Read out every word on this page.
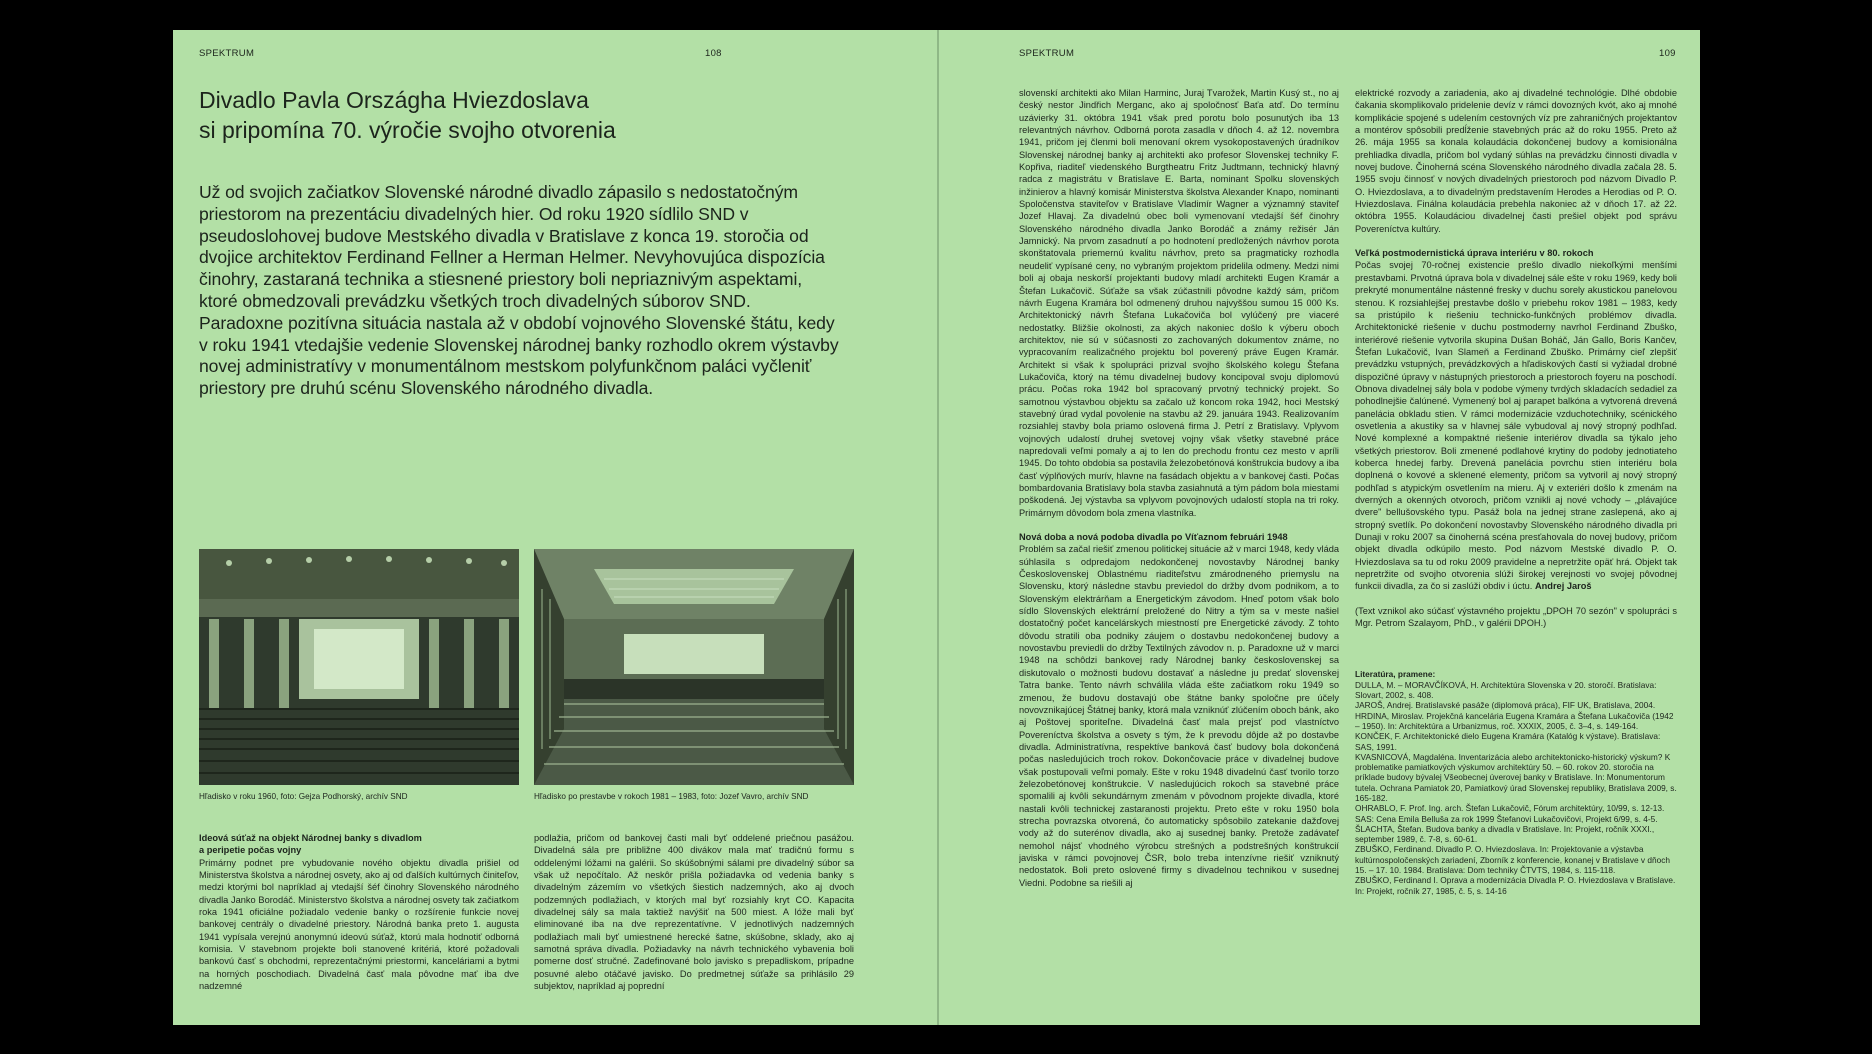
SPEKTRUM	108
Divadlo Pavla Országha Hviezdoslava
si pripomína 70. výročie svojho otvorenia

Už od svojich začiatkov Slovenské národné divadlo zápasilo s nedostatočným priestorom na prezentáciu divadelných hier. Od roku 1920 sídlilo SND v pseudoslohovej budove Mestského divadla v Bratislave z konca 19. storočia od dvojice architektov Ferdinand Fellner a Herman Helmer. Nevyhovujúca dispozícia činohry, zastaraná technika a stiesnené priestory boli nepriaznivým aspektami, ktoré obmedzovali prevádzku všetkých troch divadelných súborov SND. Paradoxne pozitívna situácia nastala až v období vojnového Slovenské štátu, kedy v roku 1941 vtedajšie vedenie Slovenskej národnej banky rozhodlo okrem výstavby novej administratívy v monumentálnom mestskom polyfunkčnom paláci vyčleniť priestory pre druhú scénu Slovenského národného divadla.

Hľadisko v roku 1960, foto: Gejza Podhorský, archív SND	Hľadisko po prestavbe v rokoch 1981 – 1983, foto: Jozef Vavro, archív SND
Ideová súťaž na objekt Národnej banky s divadlom
a peripetie počas vojny

Primárny podnet pre vybudovanie nového objektu divadla prišiel od Ministerstva školstva a národnej osvety, ako aj od ďalších kultúrnych činiteľov, medzi ktorými bol napríklad aj vtedajší šéf činohry Slovenského národného divadla Janko Borodáč. Ministerstvo školstva a národnej osvety tak začiatkom roka 1941 oficiálne požiadalo vedenie banky o rozšírenie funkcie novej bankovej centrály o divadelné priestory. Národná banka preto 1. augusta 1941 vypísala verejnú anonymnú ideovú súťaž, ktorú mala hodnotiť odborná komisia. V stavebnom projekte boli stanovené kritériá, ktoré požadovali bankovú časť s obchodmi, reprezentačnými priestormi, kanceláriami a bytmi na horných poschodiach. Divadelná časť mala pôvodne mať iba dve nadzemné

podlažia, pričom od bankovej časti mali byť oddelené priečnou pasážou. Divadelná sála pre približne 400 divákov mala mať tradičnú formu s oddelenými lóžami na galérii. So skúšobnými sálami pre divadelný súbor sa však už nepočítalo. Až neskôr prišla požiadavka od vedenia banky s divadelným zázemím vo všetkých šiestich nadzemných, ako aj dvoch podzemných podlažiach, v ktorých mal byť rozsiahly kryt CO. Kapacita divadelnej sály sa mala taktiež navýšiť na 500 miest. A lóže mali byť eliminované iba na dve reprezentatívne. V jednotlivých nadzemných podlažiach mali byť umiestnené herecké šatne, skúšobne, sklady, ako aj samotná správa divadla. Požiadavky na návrh technického vybavenia boli pomerne dosť stručné. Zadefinované bolo javisko s prepadliskom, prípadne posuvné alebo otáčavé javisko. Do predmetnej súťaže sa prihlásilo 29 subjektov, napríklad aj poprední

SPEKTRUM	109

slovenskí architekti ako Milan Harminc, Juraj Tvarožek, Martin Kusý st., no aj český nestor Jindřich Merganc, ako aj spoločnosť Baťa atď. Do termínu uzávierky 31. októbra 1941 však pred porotu bolo posunutých iba 13 relevantných návrhov. Odborná porota zasadla v dňoch 4. až 12. novembra 1941, pričom jej členmi boli menovaní okrem vysokopostavených úradníkov Slovenskej národnej banky aj architekti ako profesor Slovenskej techniky F. Kopřiva, riaditeľ viedenského Burgtheatru Fritz Judtmann, technický hlavný radca z magistrátu v Bratislave E. Barta, nominant Spolku slovenských inžinierov a hlavný komisár Ministerstva školstva Alexander Knapo, nominanti Spoločenstva staviteľov v Bratislave Vladimír Wagner a významný staviteľ Jozef Hlavaj. Za divadelnú obec boli vymenovaní vtedajší šéf činohry Slovenského národného divadla Janko Borodáč a známy režisér Ján Jamnický. Na prvom zasadnutí a po hodnotení predložených návrhov porota skonštatovala priemernú kvalitu návrhov, preto sa pragmaticky rozhodla neudeliť vypísané ceny, no vybraným projektom pridelila odmeny. Medzi nimi boli aj obaja neskorší projektanti budovy mladí architekti Eugen Kramár a Štefan Lukačovič. Súťaže sa však zúčastnili pôvodne každý sám, pričom návrh Eugena Kramára bol odmenený druhou najvyššou sumou 15 000 Ks. Architektonický návrh Štefana Lukačoviča bol vylúčený pre viaceré nedostatky. Bližšie okolnosti, za akých nakoniec došlo k výberu oboch architektov, nie sú v súčasnosti zo zachovaných dokumentov známe, no vypracovaním realizačného projektu bol poverený práve Eugen Kramár. Architekt si však k spolupráci prizval svojho školského kolegu Štefana Lukačoviča, ktorý na tému divadelnej budovy koncipoval svoju diplomovú prácu. Počas roka 1942 bol spracovaný prvotný technický projekt. So samotnou výstavbou objektu sa začalo už koncom roka 1942, hoci Mestský stavebný úrad vydal povolenie na stavbu až 29. januára 1943. Realizovaním rozsiahlej stavby bola priamo oslovená firma J. Petrí z Bratislavy. Vplyvom vojnových udalostí druhej svetovej vojny však všetky stavebné práce napredovali veľmi pomaly a aj to len do prechodu frontu cez mesto v apríli 1945. Do tohto obdobia sa postavila železobetónová konštrukcia budovy a iba časť výplňových murív, hlavne na fasádach objektu a v bankovej časti. Počas bombardovania Bratislavy bola stavba zasiahnutá a tým pádom bola miestami poškodená. Jej výstavba sa vplyvom povojnových udalostí stopla na tri roky. Primárnym dôvodom bola zmena vlastníka.

Nová doba a nová podoba divadla po Víťaznom februári 1948

Problém sa začal riešiť zmenou politickej situácie až v marci 1948, kedy vláda súhlasila s odpredajom nedokončenej novostavby Národnej banky Československej Oblastnému riaditeľstvu zmárodneného priemyslu na Slovensku, ktorý následne stavbu previedol do držby dvom podnikom, a to Slovenským elektrárňam a Energetickým závodom. Hneď potom však bolo sídlo Slovenských elektrární preložené do Nitry a tým sa v meste našiel dostatočný počet kancelárskych miestností pre Energetické závody. Z tohto dôvodu stratili oba podniky záujem o dostavbu nedokončenej budovy a novostavbu previedli do držby Textilných závodov n. p. Paradoxne už v marci 1948 na schôdzi bankovej rady Národnej banky československej sa diskutovalo o možnosti budovu dostavať a následne ju predať slovenskej Tatra banke. Tento návrh schválila vláda ešte začiatkom roku 1949 so zmenou, že budovu dostavajú obe štátne banky spoločne pre účely novovznikajúcej Štátnej banky, ktorá mala vzniknúť zlúčením oboch bánk, ako aj Poštovej sporiteľne. Divadelná časť mala prejsť pod vlastníctvo Povereníctva školstva a osvety s tým, že k prevodu dôjde až po dostavbe divadla. Administratívna, respektíve banková časť budovy bola dokončená počas nasledujúcich troch rokov. Dokončovacie práce v divadelnej budove však postupovali veľmi pomaly. Ešte v roku 1948 divadelnú časť tvorilo torzo železobetónovej konštrukcie. V nasledujúcich rokoch sa stavebné práce spomalili aj kvôli sekundárnym zmenám v pôvodnom projekte divadla, ktoré nastali kvôli technickej zastaranosti projektu. Preto ešte v roku 1950 bola strecha povrazska otvorená, čo automaticky spôsobilo zatekanie dažďovej vody až do suterénov divadla, ako aj susednej banky. Pretože zadávateľ nemohol nájsť vhodného výrobcu strešných a podstrešných konštrukcií javiska v rámci povojnovej ČSR, bolo treba intenzívne riešiť vzniknutý nedostatok. Boli preto oslovené firmy s divadelnou technikou v susednej Viedni. Podobne sa riešili aj

elektrické rozvody a zariadenia, ako aj divadelné technológie. Dlhé obdobie čakania skomplikovalo pridelenie devíz v rámci dovozných kvót, ako aj mnohé komplikácie spojené s udelením cestovných víz pre zahraničných projektantov a montérov spôsobili predĺženie stavebných prác až do roku 1955. Preto až 26. mája 1955 sa konala kolaudácia dokončenej budovy a komisionálna prehliadka divadla, pričom bol vydaný súhlas na prevádzku činnosti divadla v novej budove. Činoherná scéna Slovenského národného divadla začala 28. 5. 1955 svoju činnosť v nových divadelných priestoroch pod názvom Divadlo P. O. Hviezdoslava, a to divadelným predstavením Herodes a Herodias od P. O. Hviezdoslava. Finálna kolaudácia prebehla nakoniec až v dňoch 17. až 22. októbra 1955. Kolaudáciou divadelnej časti prešiel objekt pod správu Povereníctva kultúry.

Veľká postmodernistická úprava interiéru v 80. rokoch

Počas svojej 70-ročnej existencie prešlo divadlo niekoľkými menšími prestavbami. Prvotná úprava bola v divadelnej sále ešte v roku 1969, kedy boli prekryté monumentálne nástenné fresky v duchu sorely akustickou panelovou stenou. K rozsiahlejšej prestavbe došlo v priebehu rokov 1981 – 1983, kedy sa pristúpilo k riešeniu technicko-funkčných problémov divadla. Architektonické riešenie v duchu postmoderny navrhol Ferdinand Zbuško, interiérové riešenie vytvorila skupina Dušan Boháč, Ján Gallo, Boris Kančev, Štefan Lukačovič, Ivan Slameň a Ferdinand Zbuško. Primárny cieľ zlepšiť prevádzku vstupných, prevádzkových a hľadiskových častí si vyžiadal drobné dispozičné úpravy v nástupných priestoroch a priestoroch foyeru na poschodí. Obnova divadelnej sály bola v podobe výmeny tvrdých skladacích sedadiel za pohodlnejšie čalúnené. Vymenený bol aj parapet balkóna a vytvorená drevená panelácia obkladu stien. V rámci modernizácie vzduchotechniky, scénického osvetlenia a akustiky sa v hlavnej sále vybudoval aj nový stropný podhľad. Nové komplexné a kompaktné riešenie interiérov divadla sa týkalo jeho všetkých priestorov. Boli zmenené podlahové krytiny do podoby jednotiateho koberca hnedej farby. Drevená panelácia povrchu stien interiéru bola doplnená o kovové a sklenené elementy, pričom sa vytvoril aj nový stropný podhľad s atypickým osvetlením na mieru. Aj v exteriéri došlo k zmenám na dverných a okenných otvoroch, pričom vznikli aj nové vchody – „plávajúce dvere" bellušovského typu. Pasáž bola na jednej strane zaslepená, ako aj stropný svetlík. Po dokončení novostavby Slovenského národného divadla pri Dunaji v roku 2007 sa činoherná scéna presťahovala do novej budovy, pričom objekt divadla odkúpilo mesto. Pod názvom Mestské divadlo P. O. Hviezdoslava sa tu od roku 2009 pravidelne a nepretržite opäť hrá. Objekt tak nepretržite od svojho otvorenia slúži širokej verejnosti vo svojej pôvodnej funkcii divadla, za čo si zaslúži obdiv i úctu. Andrej Jaroš

(Text vznikol ako súčasť výstavného projektu „DPOH 70 sezón" v spolupráci s Mgr. Petrom Szalayom, PhD., v galérii DPOH.)

Literatúra, pramene:

DULLA, M. – MORAVČÍKOVÁ, H. Architektúra Slovenska v 20. storočí. Bratislava: Slovart, 2002, s. 408.

JAROŠ, Andrej. Bratislavské pasáže (diplomová práca), FIF UK, Bratislava, 2004.

HRDINA, Miroslav. Projekčná kancelária Eugena Kramára a Štefana Lukačoviča (1942 – 1950). In: Architektúra a Urbanizmus, roč. XXXIX, 2005, č. 3–4, s. 149-164.

KONČEK, F. Architektonické dielo Eugena Kramára (Katalóg k výstave). Bratislava: SAS, 1991.

KVASNICOVÁ, Magdaléna. Inventarizácia alebo architektonicko-historický výskum? K problematike pamiatkových výskumov architektúry 50. – 60. rokov 20. storočia na príklade budovy bývalej Všeobecnej úverovej banky v Bratislave. In: Monumentorum tutela. Ochrana Pamiatok 20, Pamiatkový úrad Slovenskej republiky, Bratislava 2009, s. 165-182.

OHRABLO, F. Prof. Ing. arch. Štefan Lukačovič, Fórum architektúry, 10/99, s. 12-13.

SAS: Cena Emila Belluša za rok 1999 Štefanovi Lukačovičovi, Projekt 6/99, s. 4-5.

ŠLACHTA, Štefan. Budova banky a divadla v Bratislave. In: Projekt, ročník XXXI., september 1989, č. 7-8, s. 60-61.

ZBUŠKO, Ferdinand. Divadlo P. O. Hviezdoslava. In: Projektovanie a výstavba kultúrnospoločenských zariadení, Zborník z konferencie, konanej v Bratislave v dňoch 15. – 17. 10. 1984. Bratislava: Dom techniky ČTVTS, 1984, s. 115-118.

ZBUŠKO, Ferdinand I. Oprava a modernizácia Divadla P. O. Hviezdoslava v Bratislave. In: Projekt, ročník 27, 1985, č. 5, s. 14-16
